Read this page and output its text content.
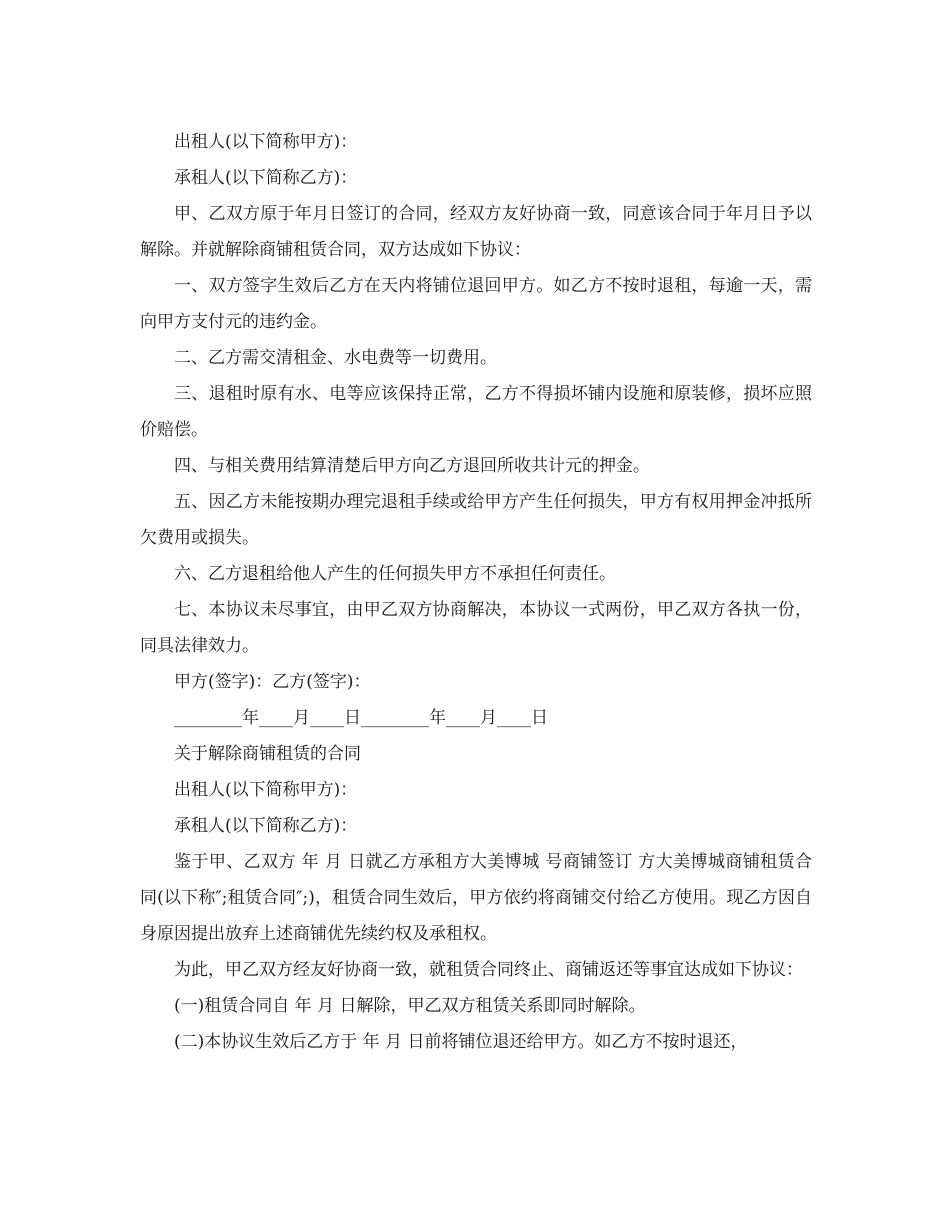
出租人(以下简称甲方)：

承租人(以下简称乙方)：

甲、乙双方原于年月日签订的合同，经双方友好协商一致，同意该合同于年月日予以解除。并就解除商铺租赁合同，双方达成如下协议：

一、双方签字生效后乙方在天内将铺位退回甲方。如乙方不按时退租，每逾一天，需向甲方支付元的违约金。

二、乙方需交清租金、水电费等一切费用。

三、退租时原有水、电等应该保持正常，乙方不得损坏铺内设施和原装修，损坏应照价赔偿。

四、与相关费用结算清楚后甲方向乙方退回所收共计元的押金。

五、因乙方未能按期办理完退租手续或给甲方产生任何损失，甲方有权用押金冲抵所欠费用或损失。

六、乙方退租给他人产生的任何损失甲方不承担任何责任。

七、本协议未尽事宜，由甲乙双方协商解决，本协议一式两份，甲乙双方各执一份，同具法律效力。

甲方(签字)：乙方(签字)：

________年____月____日________年____月____日

关于解除商铺租赁的合同

出租人(以下简称甲方)：

承租人(以下简称乙方)：

鉴于甲、乙双方 年 月 日就乙方承租方大美博城 号商铺签订 方大美博城商铺租赁合同(以下称″;租赁合同″;)，租赁合同生效后，甲方依约将商铺交付给乙方使用。现乙方因自身原因提出放弃上述商铺优先续约权及承租权。

为此，甲乙双方经友好协商一致，就租赁合同终止、商铺返还等事宜达成如下协议：

(一)租赁合同自 年 月 日解除，甲乙双方租赁关系即同时解除。

(二)本协议生效后乙方于 年 月 日前将铺位退还给甲方。如乙方不按时退还，
